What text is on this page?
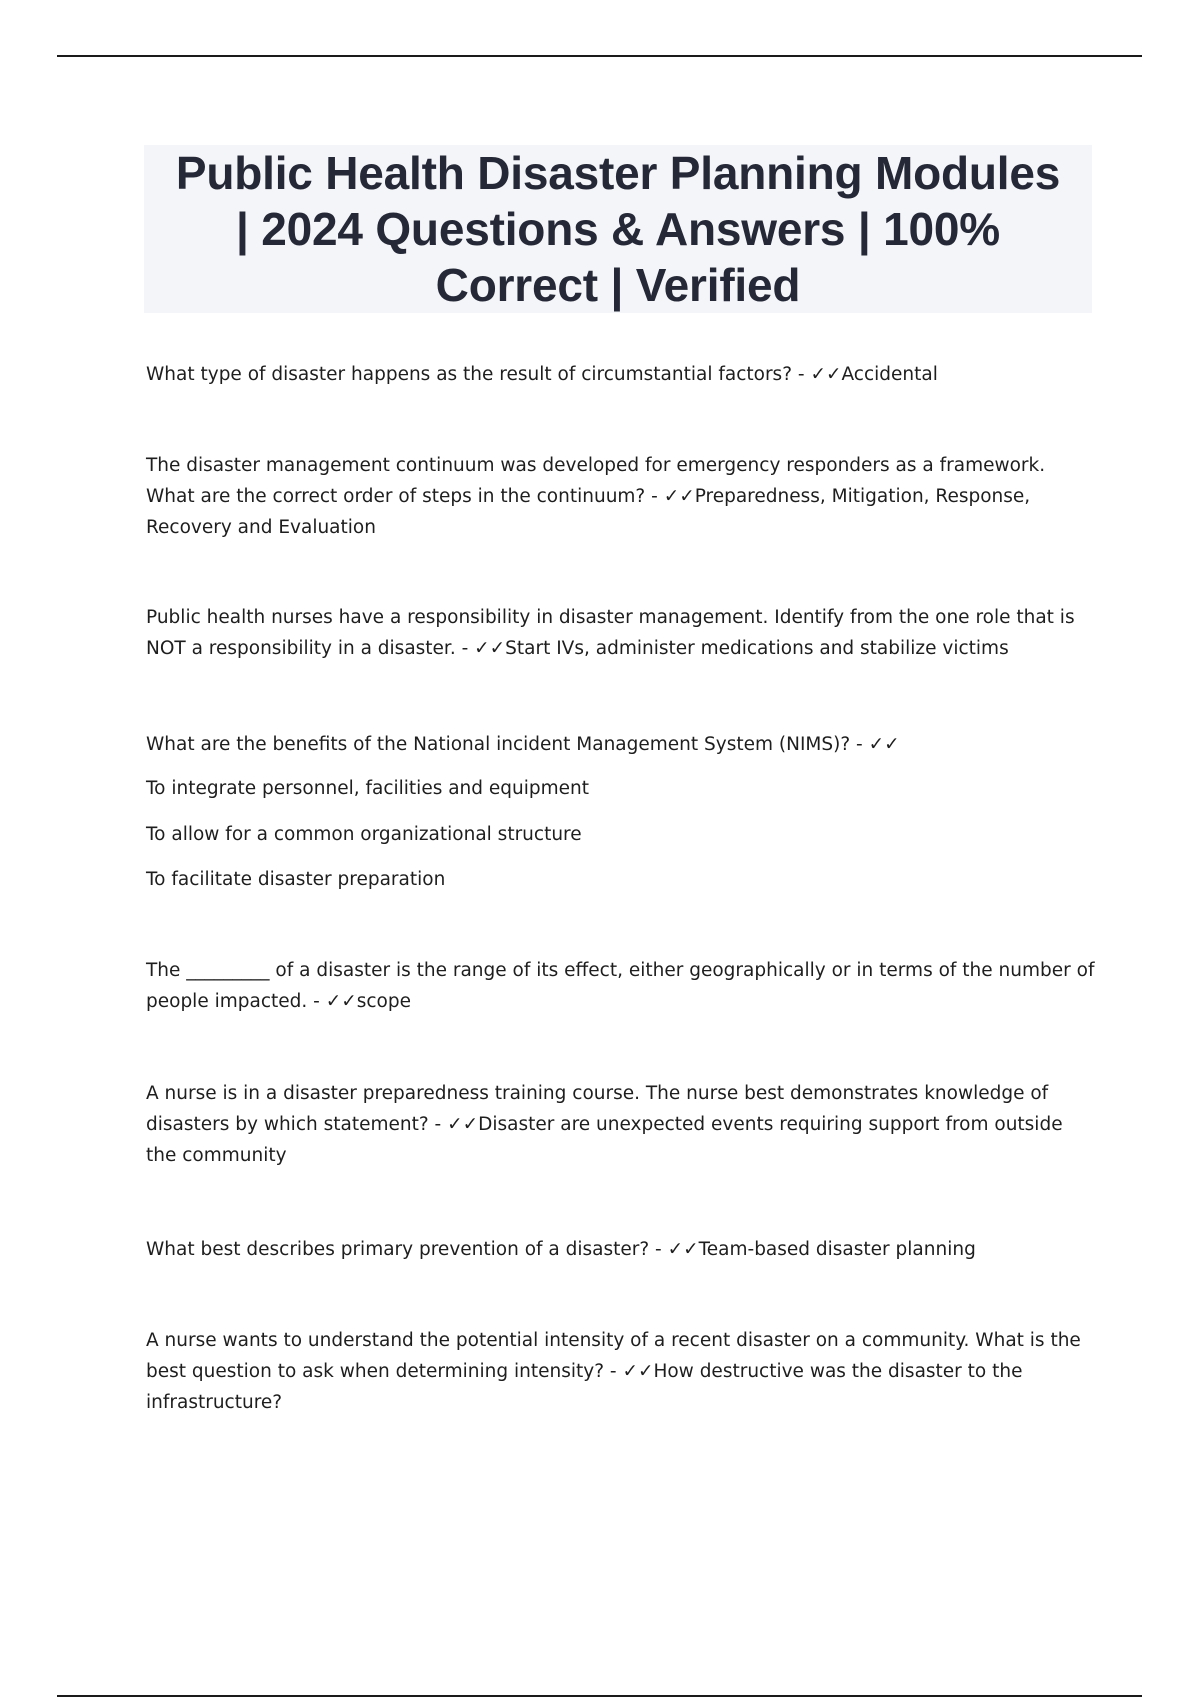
Public Health Disaster Planning Modules
| 2024 Questions & Answers | 100%
Correct | Verified

What type of disaster happens as the result of circumstantial factors? - ✓✓Accidental

The disaster management continuum was developed for emergency responders as a framework. What are the correct order of steps in the continuum? - ✓✓Preparedness, Mitigation, Response, Recovery and Evaluation

Public health nurses have a responsibility in disaster management. Identify from the one role that is NOT a responsibility in a disaster. - ✓✓Start IVs, administer medications and stabilize victims

What are the benefits of the National incident Management System (NIMS)? - ✓✓

To integrate personnel, facilities and equipment

To allow for a common organizational structure

To facilitate disaster preparation

The _________ of a disaster is the range of its effect, either geographically or in terms of the number of people impacted. - ✓✓scope

A nurse is in a disaster preparedness training course. The nurse best demonstrates knowledge of disasters by which statement? - ✓✓Disaster are unexpected events requiring support from outside the community

What best describes primary prevention of a disaster? - ✓✓Team-based disaster planning

A nurse wants to understand the potential intensity of a recent disaster on a community. What is the best question to ask when determining intensity? - ✓✓How destructive was the disaster to the infrastructure?
